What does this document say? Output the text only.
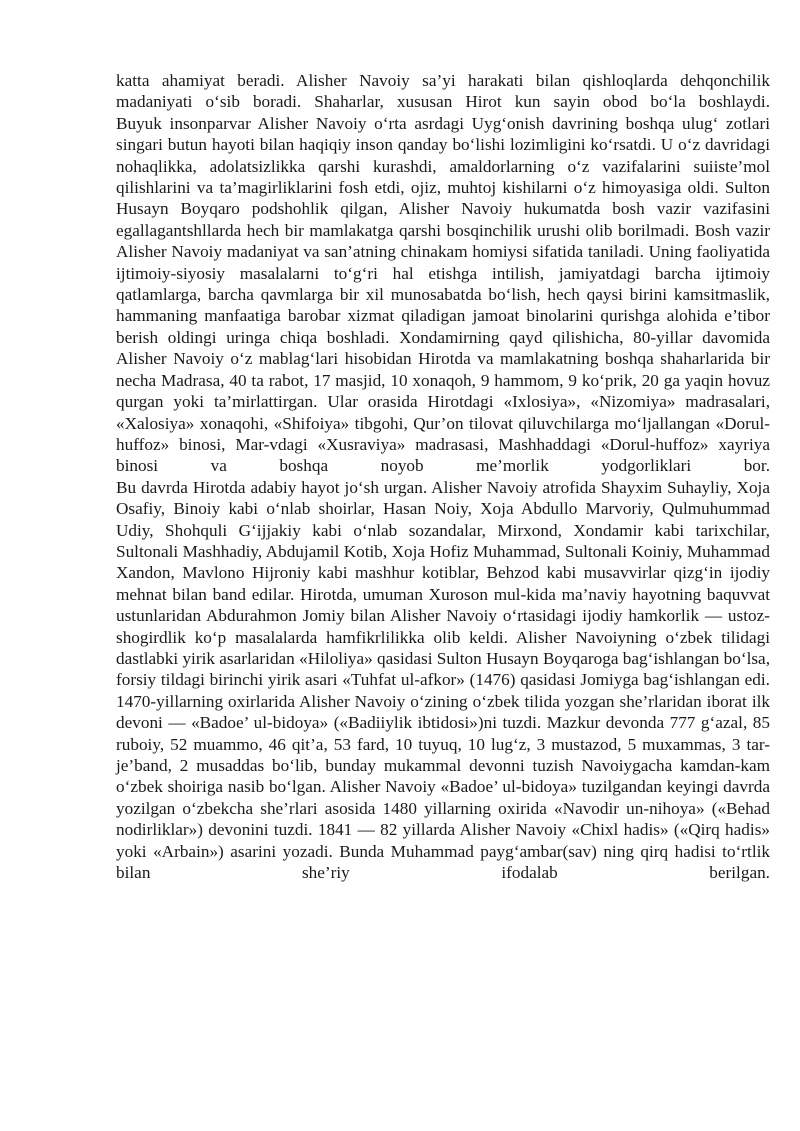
katta ahamiyat beradi. Alisher Navoiy sa’yi harakati bilan qishloqlarda dehqonchilik madaniyati o‘sib boradi. Shaharlar, xususan Hirot kun sayin obod bo‘la boshlaydi.

Buyuk insonparvar Alisher Navoiy o‘rta asrdagi Uyg‘onish davrining boshqa ulug‘ zotlari singari butun hayoti bilan haqiqiy inson qanday bo‘lishi lozimligini ko‘rsatdi. U o‘z davridagi nohaqlikka, adolatsizlikka qarshi kurashdi, amaldorlarning o‘z vazifalarini suiiste’mol qilishlarini va ta’magirliklarini fosh etdi, ojiz, muhtoj kishilarni o‘z himoyasiga oldi. Sulton Husayn Boyqaro podshohlik qilgan, Alisher Navoiy hukumatda bosh vazir vazifasini egallagantshllarda hech bir mamlakatga qarshi bosqinchilik urushi olib borilmadi. Bosh vazir Alisher Navoiy madaniyat va san’atning chinakam homiysi sifatida taniladi. Uning faoliyatida ijtimoiy-siyosiy masalalarni to‘g‘ri hal etishga intilish, jamiyatdagi barcha ijtimoiy qatlamlarga, barcha qavmlarga bir xil munosabatda bo‘lish, hech qaysi birini kamsitmaslik, hammaning manfaatiga barobar xizmat qiladigan jamoat binolarini qurishga alohida e’tibor berish oldingi uringa chiqa boshladi. Xondamirning qayd qilishicha, 80-yillar davomida Alisher Navoiy o‘z mablag‘lari hisobidan Hirotda va mamlakatning boshqa shaharlarida bir necha Madrasa, 40 ta rabot, 17 masjid, 10 xonaqoh, 9 hammom, 9 ko‘prik, 20 ga yaqin hovuz qurgan yoki ta’mirlattirgan. Ular orasida Hirotdagi «Ixlosiya», «Nizomiya» madrasalari, «Xalosiya» xonaqohi, «Shifoiya» tibgohi, Qur’on tilovat qiluvchilarga mo‘ljallangan «Dorul-huffoz» binosi, Mar-vdagi «Xusraviya» madrasasi, Mashhaddagi «Dorul-huffoz» xayriya binosi va boshqa noyob me’morlik yodgorliklari bor.

Bu davrda Hirotda adabiy hayot jo‘sh urgan. Alisher Navoiy atrofida Shayxim Suhayliy, Xoja Osafiy, Binoiy kabi o‘nlab shoirlar, Hasan Noiy, Xoja Abdullo Marvoriy, Qulmuhummad Udiy, Shohquli G‘ijjakiy kabi o‘nlab sozandalar, Mirxond, Xondamir kabi tarixchilar, Sultonali Mashhadiy, Abdujamil Kotib, Xoja Hofiz Muhammad, Sultonali Koiniy, Muhammad Xandon, Mavlono Hijroniy kabi mashhur kotiblar, Behzod kabi musavvirlar qizg‘in ijodiy mehnat bilan band edilar. Hirotda, umuman Xuroson mul-kida ma’naviy hayotning baquvvat ustunlaridan Abdurahmon Jomiy bilan Alisher Navoiy o‘rtasidagi ijodiy hamkorlik — ustoz-shogirdlik ko‘p masalalarda hamfikrlilikka olib keldi. Alisher Navoiyning o‘zbek tilidagi dastlabki yirik asarlaridan «Hiloliya» qasidasi Sulton Husayn Boyqaroga bag‘ishlangan bo‘lsa, forsiy tildagi birinchi yirik asari «Tuhfat ul-afkor» (1476) qasidasi Jomiyga bag‘ishlangan edi.

1470-yillarning oxirlarida Alisher Navoiy o‘zining o‘zbek tilida yozgan she’rlaridan iborat ilk devoni — «Badoe’ ul-bidoya» («Badiiylik ibtidosi»)ni tuzdi. Mazkur devonda 777 g‘azal, 85 ruboiy, 52 muammo, 46 qit’a, 53 fard, 10 tuyuq, 10 lug‘z, 3 mustazod, 5 muxammas, 3 tar-je’band, 2 musaddas bo‘lib, bunday mukammal devonni tuzish Navoiygacha kamdan-kam o‘zbek shoiriga nasib bo‘lgan. Alisher Navoiy «Badoe’ ul-bidoya» tuzilgandan keyingi davrda yozilgan o‘zbekcha she’rlari asosida 1480 yillarning oxirida «Navodir un-nihoya» («Behad nodirliklar») devonini tuzdi. 1841 — 82 yillarda Alisher Navoiy «Chixl hadis» («Qirq hadis» yoki «Arbain») asarini yozadi. Bunda Muhammad payg‘ambar(sav) ning qirq hadisi to‘rtlik bilan she’riy ifodalab berilgan.
